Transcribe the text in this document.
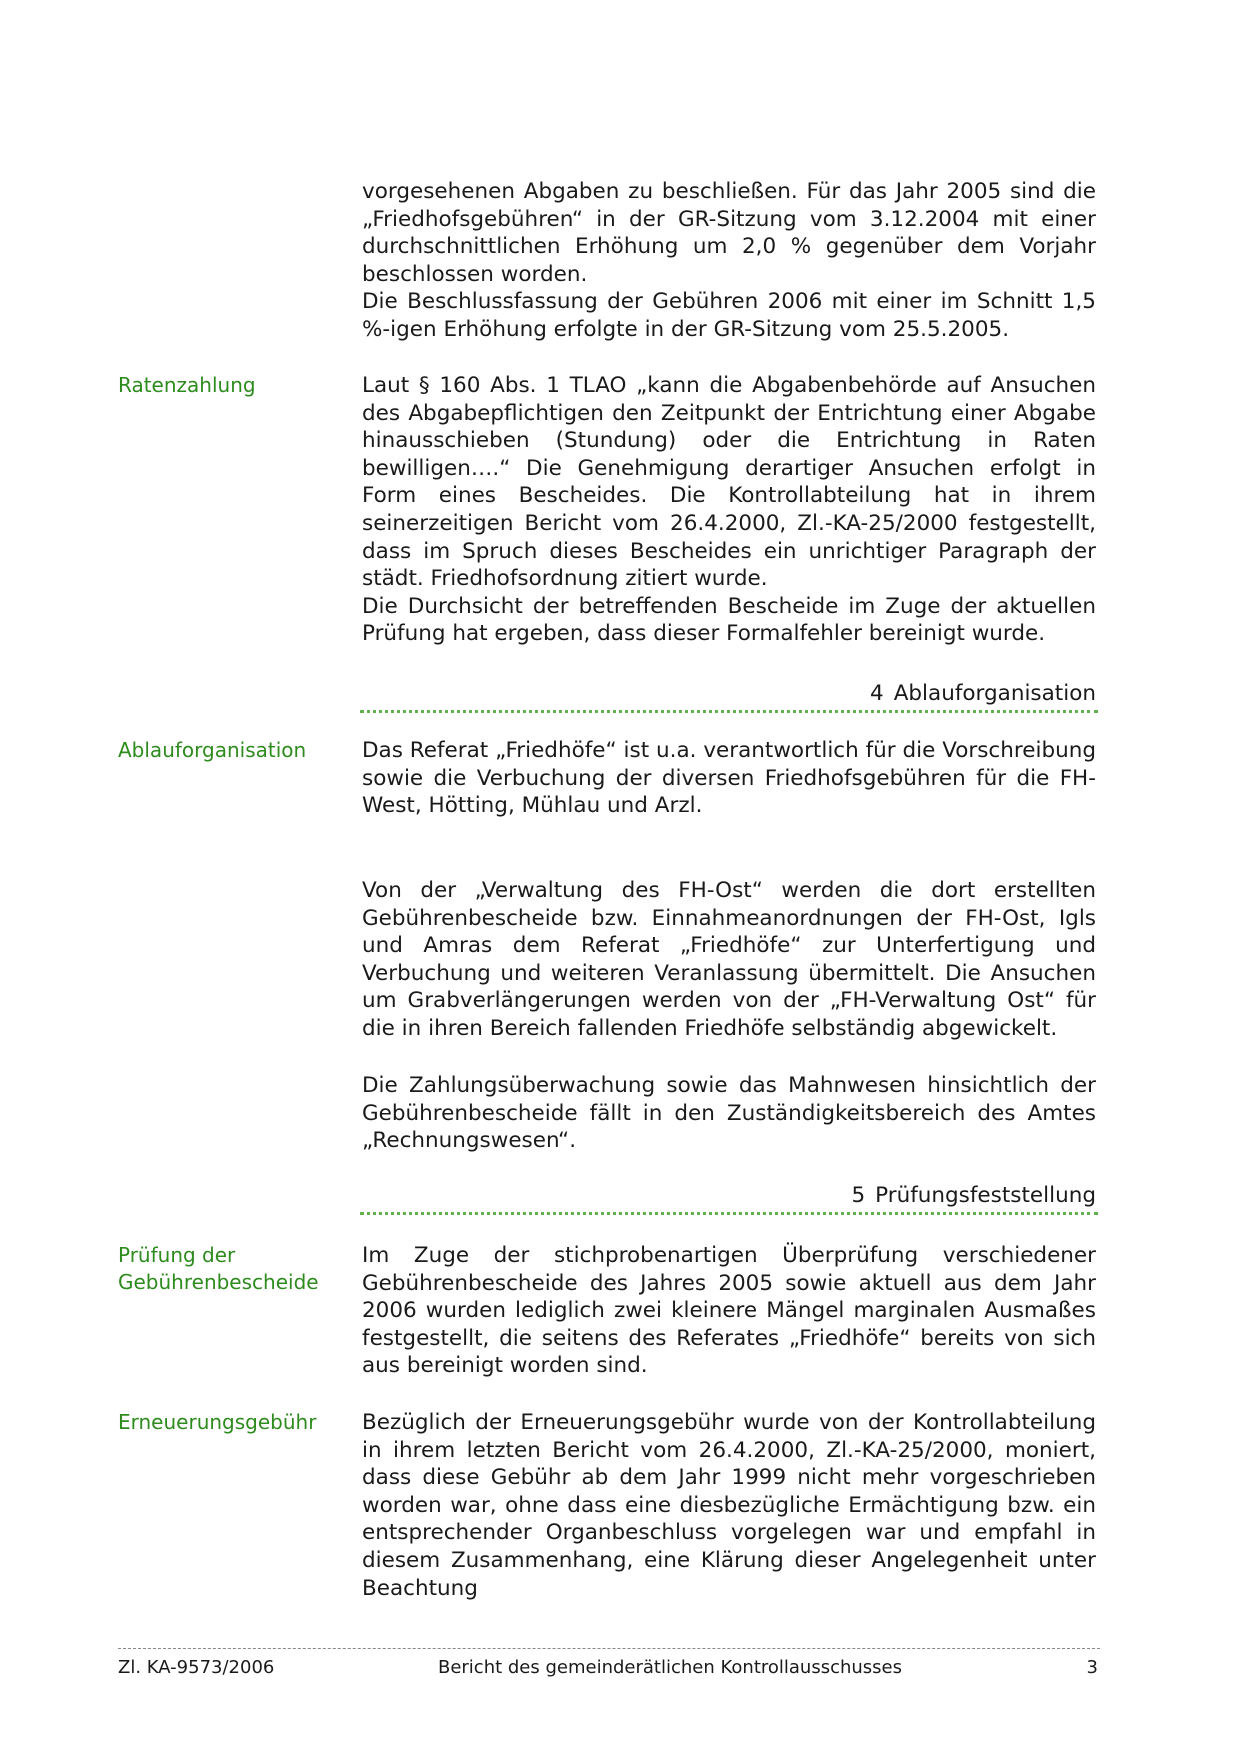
vorgesehenen Abgaben zu beschließen. Für das Jahr 2005 sind die „Friedhofsgebühren“ in der GR-Sitzung vom 3.12.2004 mit einer durchschnittlichen Erhöhung um 2,0 % gegenüber dem Vorjahr beschlossen worden.

Die Beschlussfassung der Gebühren 2006 mit einer im Schnitt 1,5 %-igen Erhöhung erfolgte in der GR-Sitzung vom 25.5.2005.

Ratenzahlung	Laut § 160 Abs. 1 TLAO „kann die Abgabenbehörde auf Ansuchen des Abgabepflichtigen den Zeitpunkt der Entrichtung einer Abgabe hinausschieben (Stundung) oder die Entrichtung in Raten bewilligen….“ Die Genehmigung derartiger Ansuchen erfolgt in Form eines Bescheides. Die Kontrollabteilung hat in ihrem seinerzeitigen Bericht vom 26.4.2000, Zl.-KA-25/2000 festgestellt, dass im Spruch dieses Bescheides ein unrichtiger Paragraph der städt. Friedhofsordnung zitiert wurde.

Die Durchsicht der betreffenden Bescheide im Zuge der aktuellen Prüfung hat ergeben, dass dieser Formalfehler bereinigt wurde.

4 Ablauforganisation
Ablauforganisation	Das Referat „Friedhöfe“ ist u.a. verantwortlich für die Vorschreibung sowie die Verbuchung der diversen Friedhofsgebühren für die FH-West, Hötting, Mühlau und Arzl.

Von der „Verwaltung des FH-Ost“ werden die dort erstellten Gebührenbescheide bzw. Einnahmeanordnungen der FH-Ost, Igls und Amras dem Referat „Friedhöfe“ zur Unterfertigung und Verbuchung und weiteren Veranlassung übermittelt. Die Ansuchen um Grabverlängerungen werden von der „FH-Verwaltung Ost“ für die in ihren Bereich fallenden Friedhöfe selbständig abgewickelt.

Die Zahlungsüberwachung sowie das Mahnwesen hinsichtlich der Gebührenbescheide fällt in den Zuständigkeitsbereich des Amtes „Rechnungswesen“.

5 Prüfungsfeststellung
Prüfung der
Gebührenbescheide

Im Zuge der stichprobenartigen Überprüfung verschiedener Gebührenbescheide des Jahres 2005 sowie aktuell aus dem Jahr 2006 wurden lediglich zwei kleinere Mängel marginalen Ausmaßes festgestellt, die seitens des Referates „Friedhöfe“ bereits von sich aus bereinigt worden sind.

Erneuerungsgebühr	Bezüglich der Erneuerungsgebühr wurde von der Kontrollabteilung in ihrem letzten Bericht vom 26.4.2000, Zl.-KA-25/2000, moniert, dass diese Gebühr ab dem Jahr 1999 nicht mehr vorgeschrieben worden war, ohne dass eine diesbezügliche Ermächtigung bzw. ein entsprechender Organbeschluss vorgelegen war und empfahl in diesem Zusammenhang, eine Klärung dieser Angelegenheit unter Beachtung

Zl. KA-9573/2006	Bericht des gemeinderätlichen Kontrollausschusses	3
